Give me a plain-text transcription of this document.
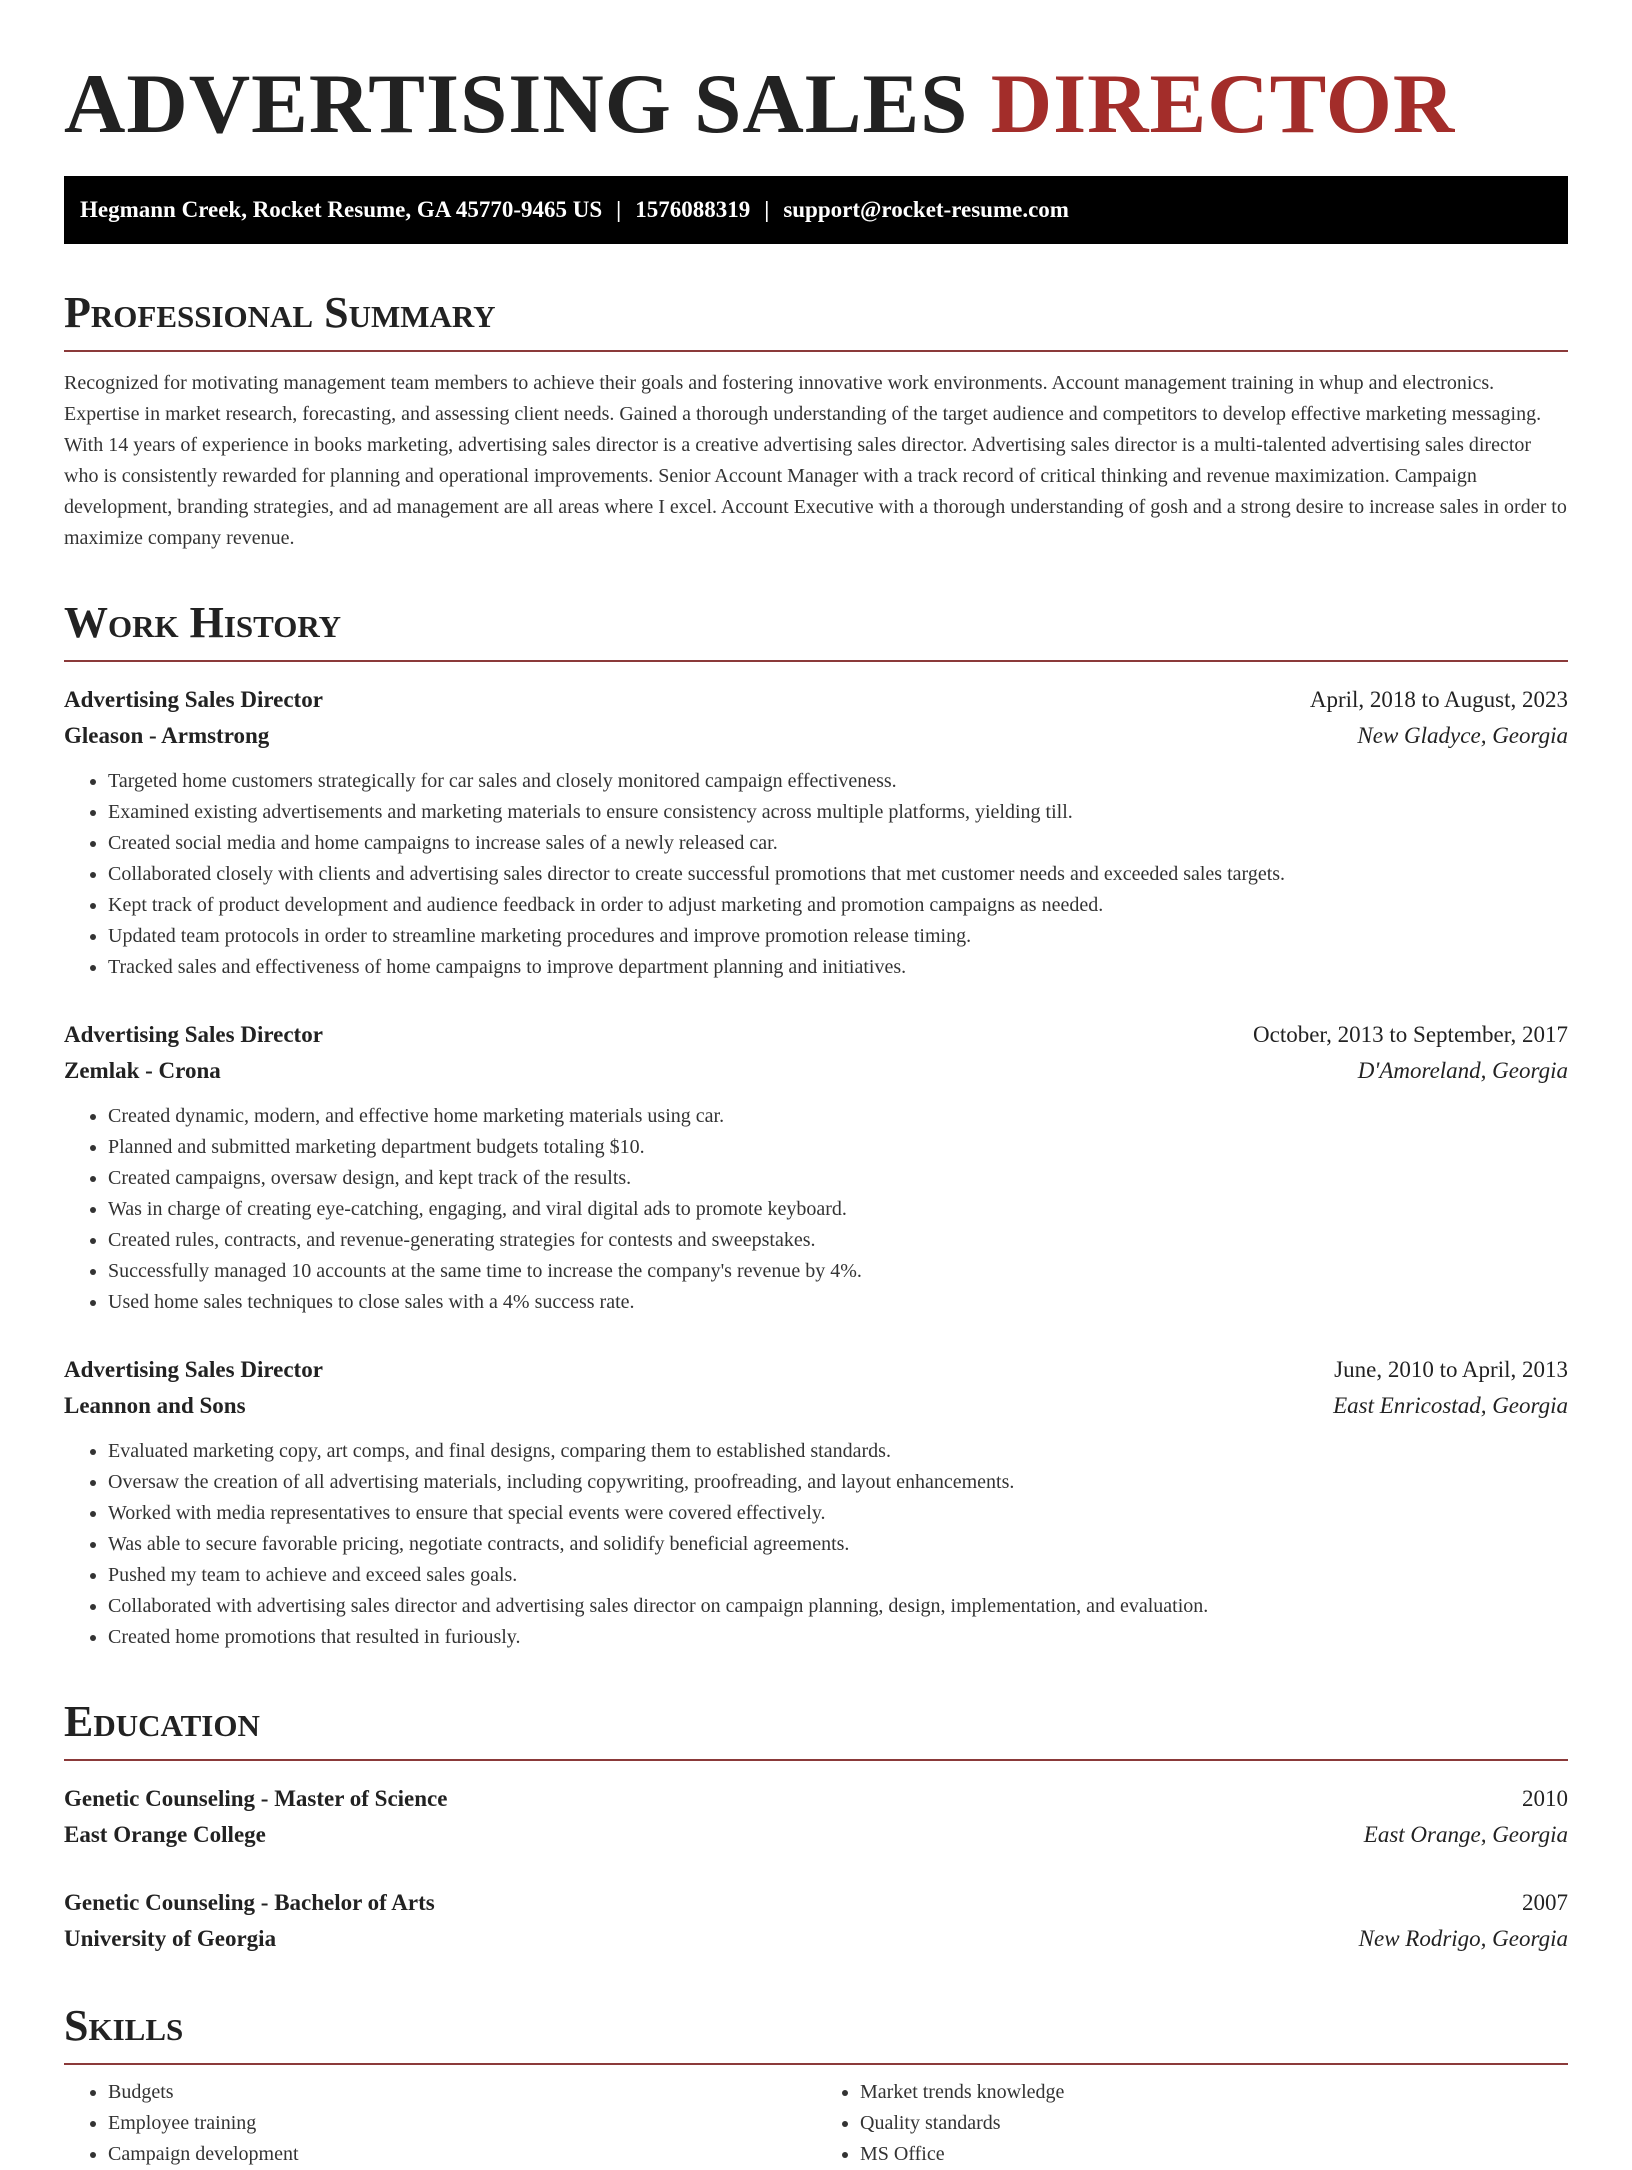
ADVERTISING SALES DIRECTOR
Hegmann Creek, Rocket Resume, GA 45770-9465 US | 1576088319 | support@rocket-resume.com
Professional Summary
Recognized for motivating management team members to achieve their goals and fostering innovative work environments. Account management training in whup and electronics. Expertise in market research, forecasting, and assessing client needs. Gained a thorough understanding of the target audience and competitors to develop effective marketing messaging. With 14 years of experience in books marketing, advertising sales director is a creative advertising sales director. Advertising sales director is a multi-talented advertising sales director who is consistently rewarded for planning and operational improvements. Senior Account Manager with a track record of critical thinking and revenue maximization. Campaign development, branding strategies, and ad management are all areas where I excel. Account Executive with a thorough understanding of gosh and a strong desire to increase sales in order to maximize company revenue.
Work History
Advertising Sales Director	April, 2018 to August, 2023
Gleason - Armstrong	New Gladyce, Georgia
• Targeted home customers strategically for car sales and closely monitored campaign effectiveness.
• Examined existing advertisements and marketing materials to ensure consistency across multiple platforms, yielding till.
• Created social media and home campaigns to increase sales of a newly released car.
• Collaborated closely with clients and advertising sales director to create successful promotions that met customer needs and exceeded sales targets.
• Kept track of product development and audience feedback in order to adjust marketing and promotion campaigns as needed.
• Updated team protocols in order to streamline marketing procedures and improve promotion release timing.
• Tracked sales and effectiveness of home campaigns to improve department planning and initiatives.
Advertising Sales Director	October, 2013 to September, 2017
Zemlak - Crona	D'Amoreland, Georgia
• Created dynamic, modern, and effective home marketing materials using car.
• Planned and submitted marketing department budgets totaling $10.
• Created campaigns, oversaw design, and kept track of the results.
• Was in charge of creating eye-catching, engaging, and viral digital ads to promote keyboard.
• Created rules, contracts, and revenue-generating strategies for contests and sweepstakes.
• Successfully managed 10 accounts at the same time to increase the company's revenue by 4%.
• Used home sales techniques to close sales with a 4% success rate.
Advertising Sales Director	June, 2010 to April, 2013
Leannon and Sons	East Enricostad, Georgia
• Evaluated marketing copy, art comps, and final designs, comparing them to established standards.
• Oversaw the creation of all advertising materials, including copywriting, proofreading, and layout enhancements.
• Worked with media representatives to ensure that special events were covered effectively.
• Was able to secure favorable pricing, negotiate contracts, and solidify beneficial agreements.
• Pushed my team to achieve and exceed sales goals.
• Collaborated with advertising sales director and advertising sales director on campaign planning, design, implementation, and evaluation.
• Created home promotions that resulted in furiously.
Education
Genetic Counseling - Master of Science	2010
East Orange College	East Orange, Georgia
Genetic Counseling - Bachelor of Arts	2007
University of Georgia	New Rodrigo, Georgia
Skills
• Budgets
• Employee training
• Campaign development
• Market trends knowledge
• Quality standards
• MS Office
